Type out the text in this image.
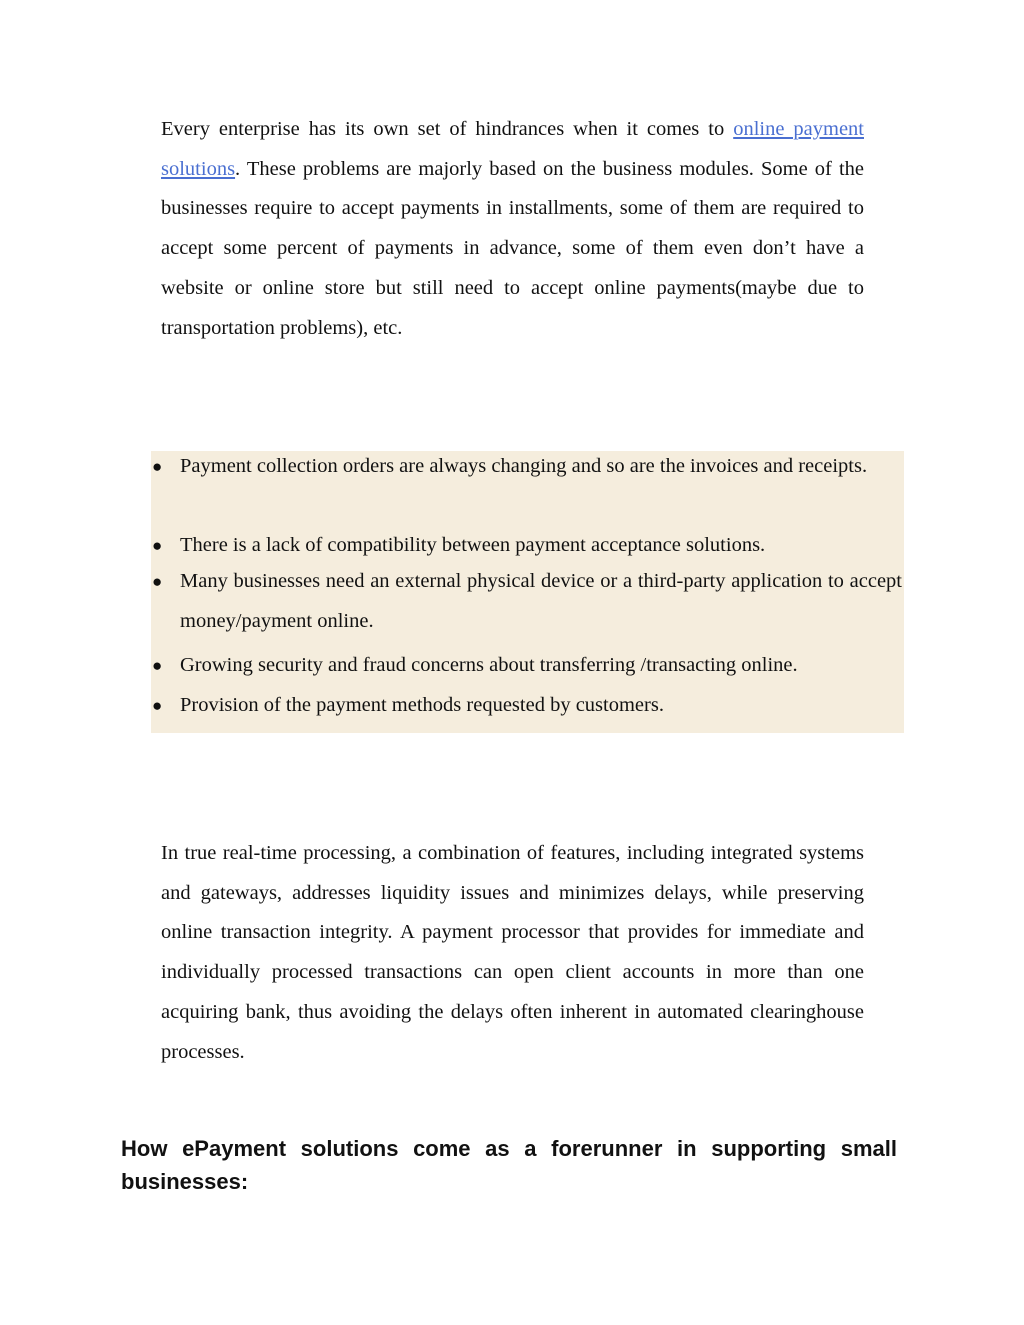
Every enterprise has its own set of hindrances when it comes to online payment solutions. These problems are majorly based on the business modules. Some of the businesses require to accept payments in installments, some of them are required to accept some percent of payments in advance, some of them even don’t have a website or online store but still need to accept online payments(maybe due to transportation problems), etc.

● Payment collection orders are always changing and so are the invoices and receipts.
● There is a lack of compatibility between payment acceptance solutions.
● Many businesses need an external physical device or a third-party application to accept money/payment online.
● Growing security and fraud concerns about transferring /transacting online.
● Provision of the payment methods requested by customers.

In true real-time processing, a combination of features, including integrated systems and gateways, addresses liquidity issues and minimizes delays, while preserving online transaction integrity. A payment processor that provides for immediate and individually processed transactions can open client accounts in more than one acquiring bank, thus avoiding the delays often inherent in automated clearinghouse processes.

How ePayment solutions come as a forerunner in supporting small businesses:
